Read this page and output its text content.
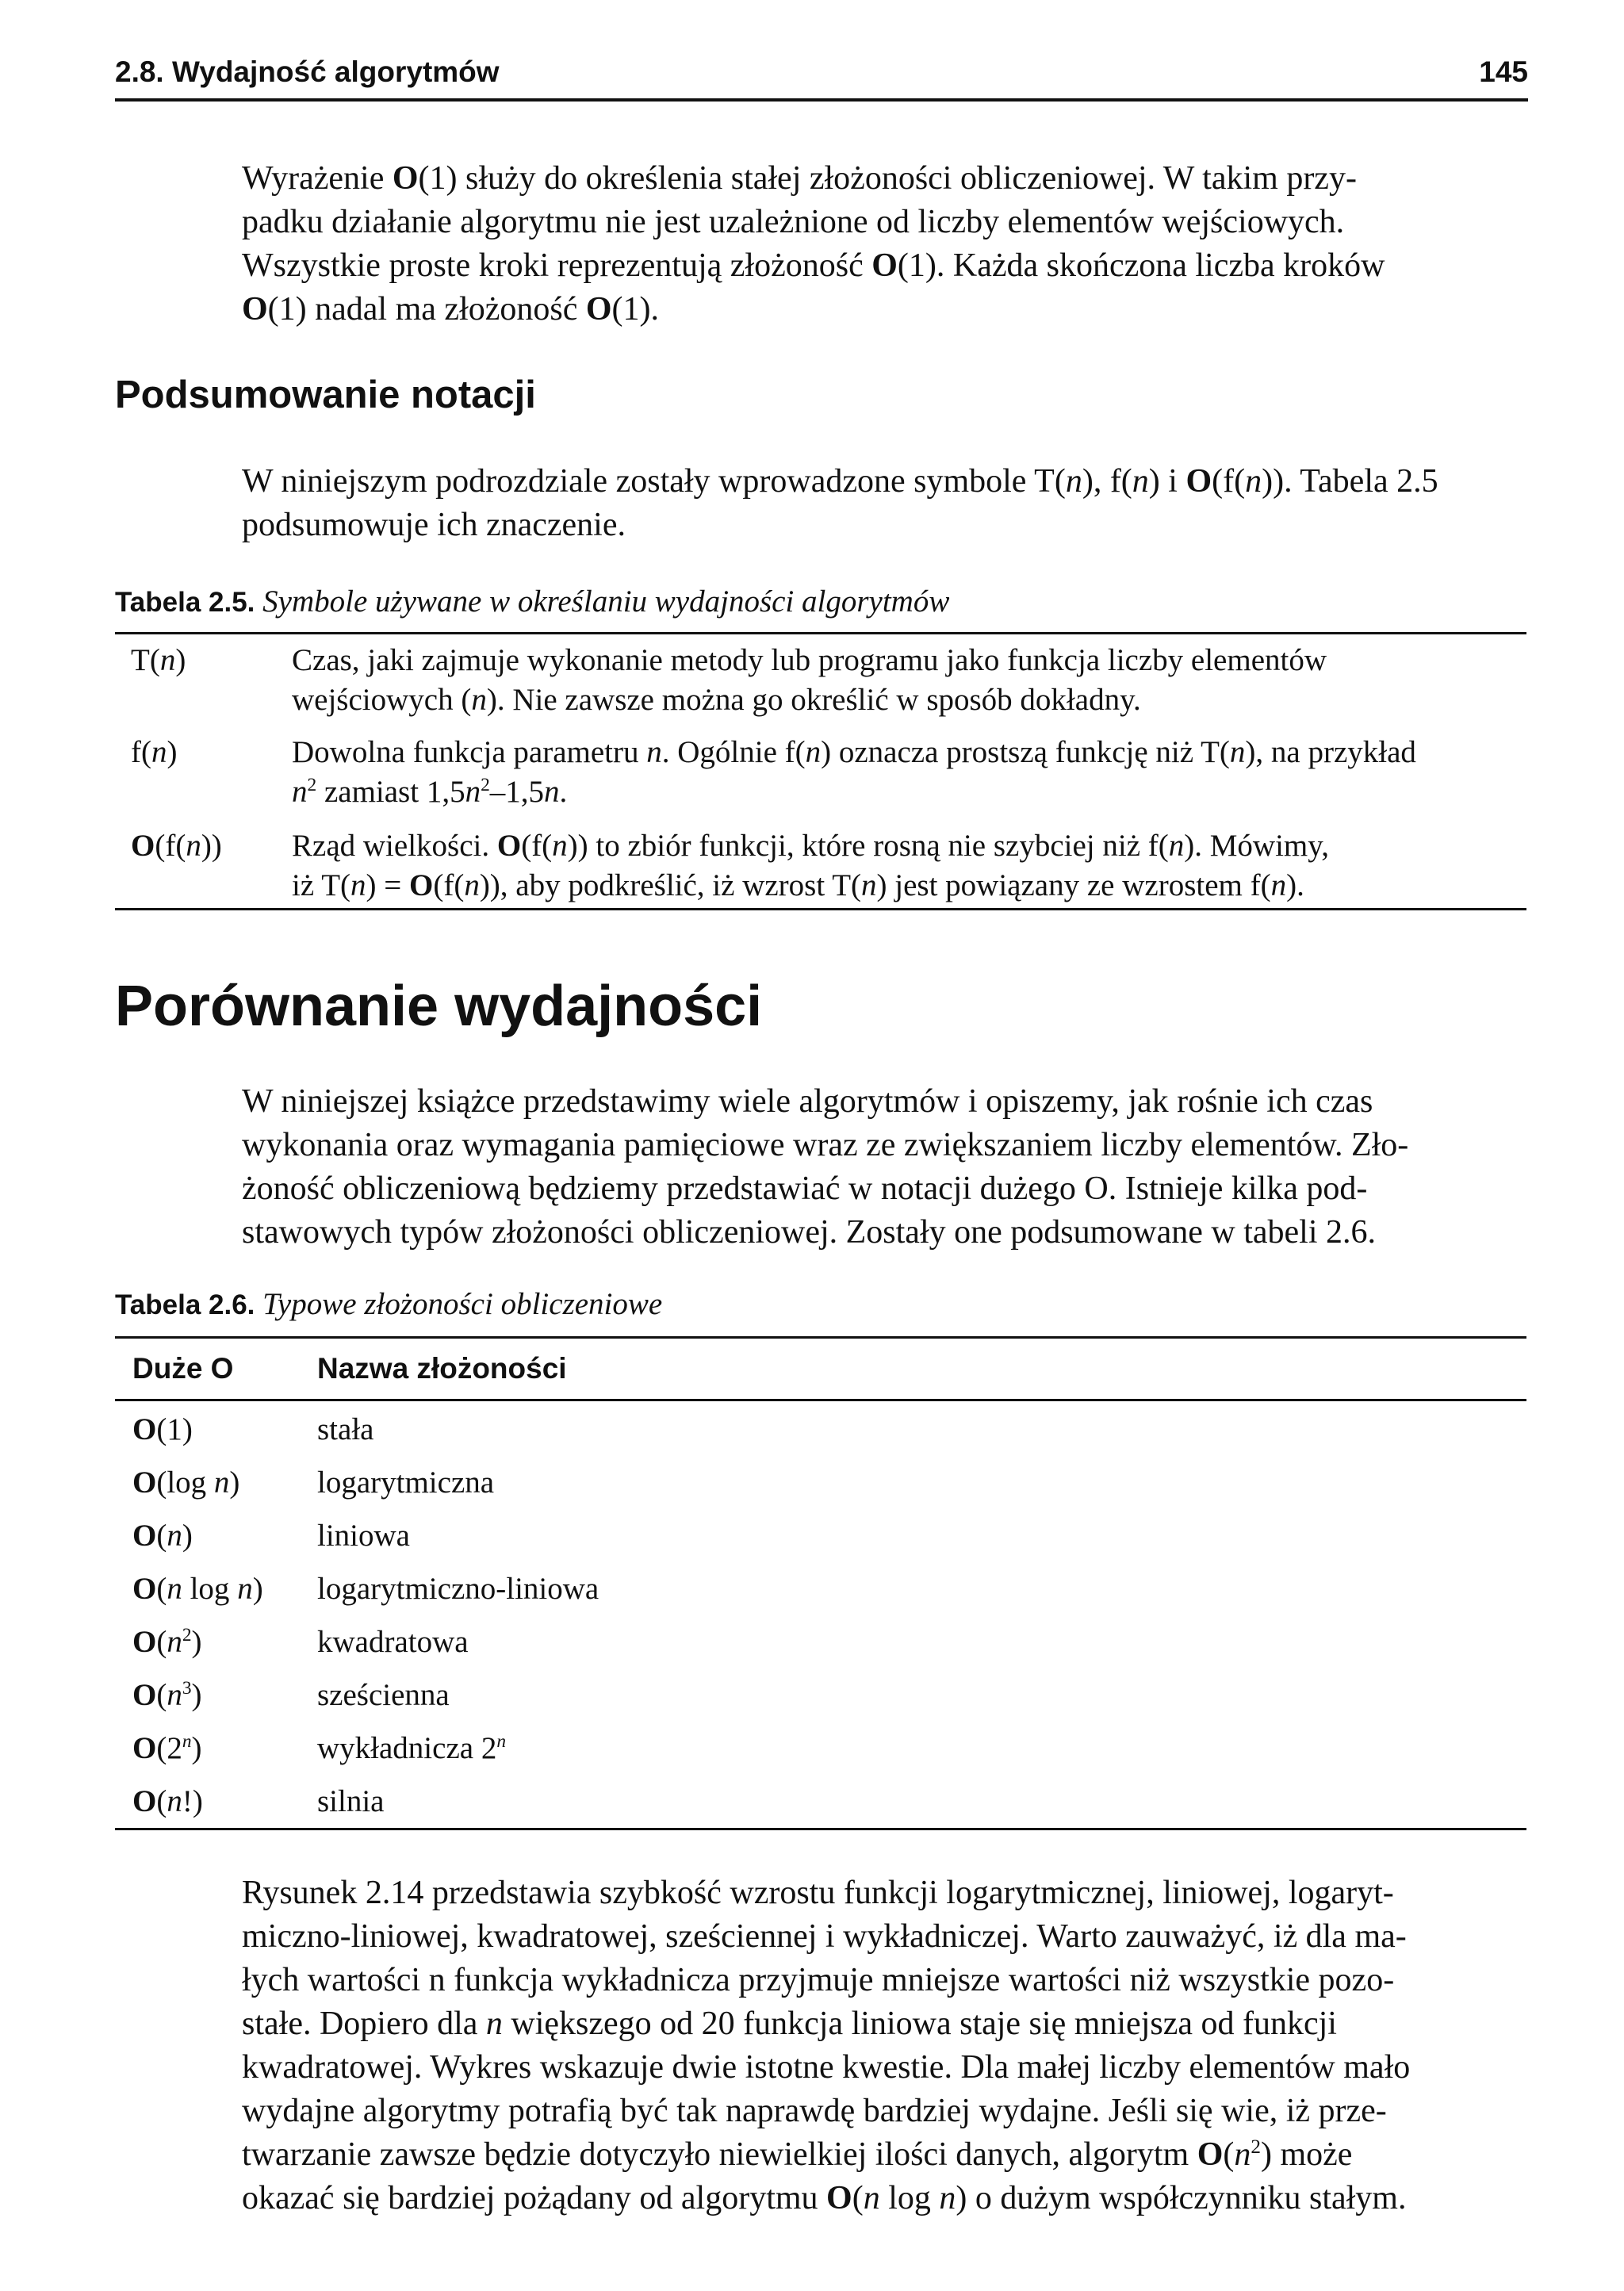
2.8. Wydajność algorytmów	145
Wyrażenie O(1) służy do określenia stałej złożoności obliczeniowej. W takim przy-
padku działanie algorytmu nie jest uzależnione od liczby elementów wejściowych.
Wszystkie proste kroki reprezentują złożoność O(1). Każda skończona liczba kroków
O(1) nadal ma złożoność O(1).
Podsumowanie notacji
W niniejszym podrozdziale zostały wprowadzone symbole T(n), f(n) i O(f(n)). Tabela 2.5
podsumowuje ich znaczenie.
Tabela 2.5. Symbole używane w określaniu wydajności algorytmów
T(n)	Czas, jaki zajmuje wykonanie metody lub programu jako funkcja liczby elementów
wejściowych (n). Nie zawsze można go określić w sposób dokładny.
f(n)	Dowolna funkcja parametru n. Ogólnie f(n) oznacza prostszą funkcję niż T(n), na przykład
$n^2$ zamiast $1,5n^2-1,5n$.
O(f(n)) Rząd wielkości. O(f(n)) to zbiór funkcji, które rosną nie szybciej niż f(n). Mówimy,
iż T(n) = O(f(n)), aby podkreślić, iż wzrost T(n) jest powiązany ze wzrostem f(n).
Porównanie wydajności
W niniejszej książce przedstawimy wiele algorytmów i opiszemy, jak rośnie ich czas
wykonania oraz wymagania pamięciowe wraz ze zwiększaniem liczby elementów. Zło-
żoność obliczeniową będziemy przedstawiać w notacji dużego O. Istnieje kilka pod-
stawowych typów złożoności obliczeniowej. Zostały one podsumowane w tabeli 2.6.
Tabela 2.6. Typowe złożoności obliczeniowe
Duże O	Nazwa złożoności
O(1)	stała
O(log n)	logarytmiczna
O(n)	liniowa
O(n log n) logarytmiczno-liniowa
$O(n^2)$	kwadratowa
$O(n^3)$	sześcienna
O(2$^n$)	wykładnicza 2$^n$
O(n!)	silnia
Rysunek 2.14 przedstawia szybkość wzrostu funkcji logarytmicznej, liniowej, logaryt-
miczno-liniowej, kwadratowej, sześciennej i wykładniczej. Warto zauważyć, iż dla ma-
łych wartości n funkcja wykładnicza przyjmuje mniejsze wartości niż wszystkie pozo-
stałe. Dopiero dla n większego od 20 funkcja liniowa staje się mniejsza od funkcji
kwadratowej. Wykres wskazuje dwie istotne kwestie. Dla małej liczby elementów mało
wydajne algorytmy potrafią być tak naprawdę bardziej wydajne. Jeśli się wie, iż prze-
twarzanie zawsze będzie dotyczyło niewielkiej ilości danych, algorytm $O(n^2)$ może
okazać się bardziej pożądany od algorytmu O(n log n) o dużym współczynniku stałym.
